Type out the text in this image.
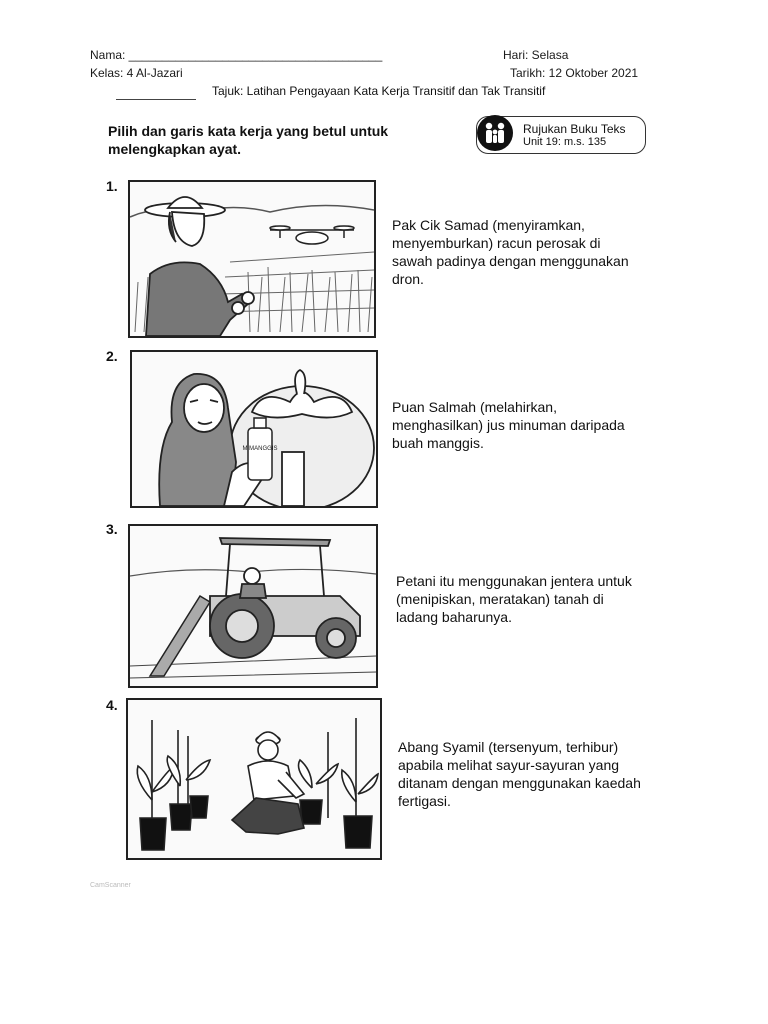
Nama: ______________________________________	Hari: Selasa
Kelas: 4 Al-Jazari	Tarikh: 12 Oktober 2021
Tajuk: Latihan Pengayaan Kata Kerja Transitif dan Tak Transitif
Pilih dan garis kata kerja yang betul untuk melengkapkan ayat.
Rujukan Buku Teks
Unit 19: m.s. 135
1.
Pak Cik Samad (menyiramkan, menyemburkan) racun perosak di sawah padinya dengan menggunakan dron.
2.
M MANGGIS
Puan Salmah (melahirkan, menghasilkan) jus minuman daripada buah manggis.
3.
Petani itu menggunakan jentera untuk (menipiskan, meratakan) tanah di ladang baharunya.
4.
Abang Syamil (tersenyum, terhibur) apabila melihat sayur-sayuran yang ditanam dengan menggunakan kaedah fertigasi.
CamScanner
